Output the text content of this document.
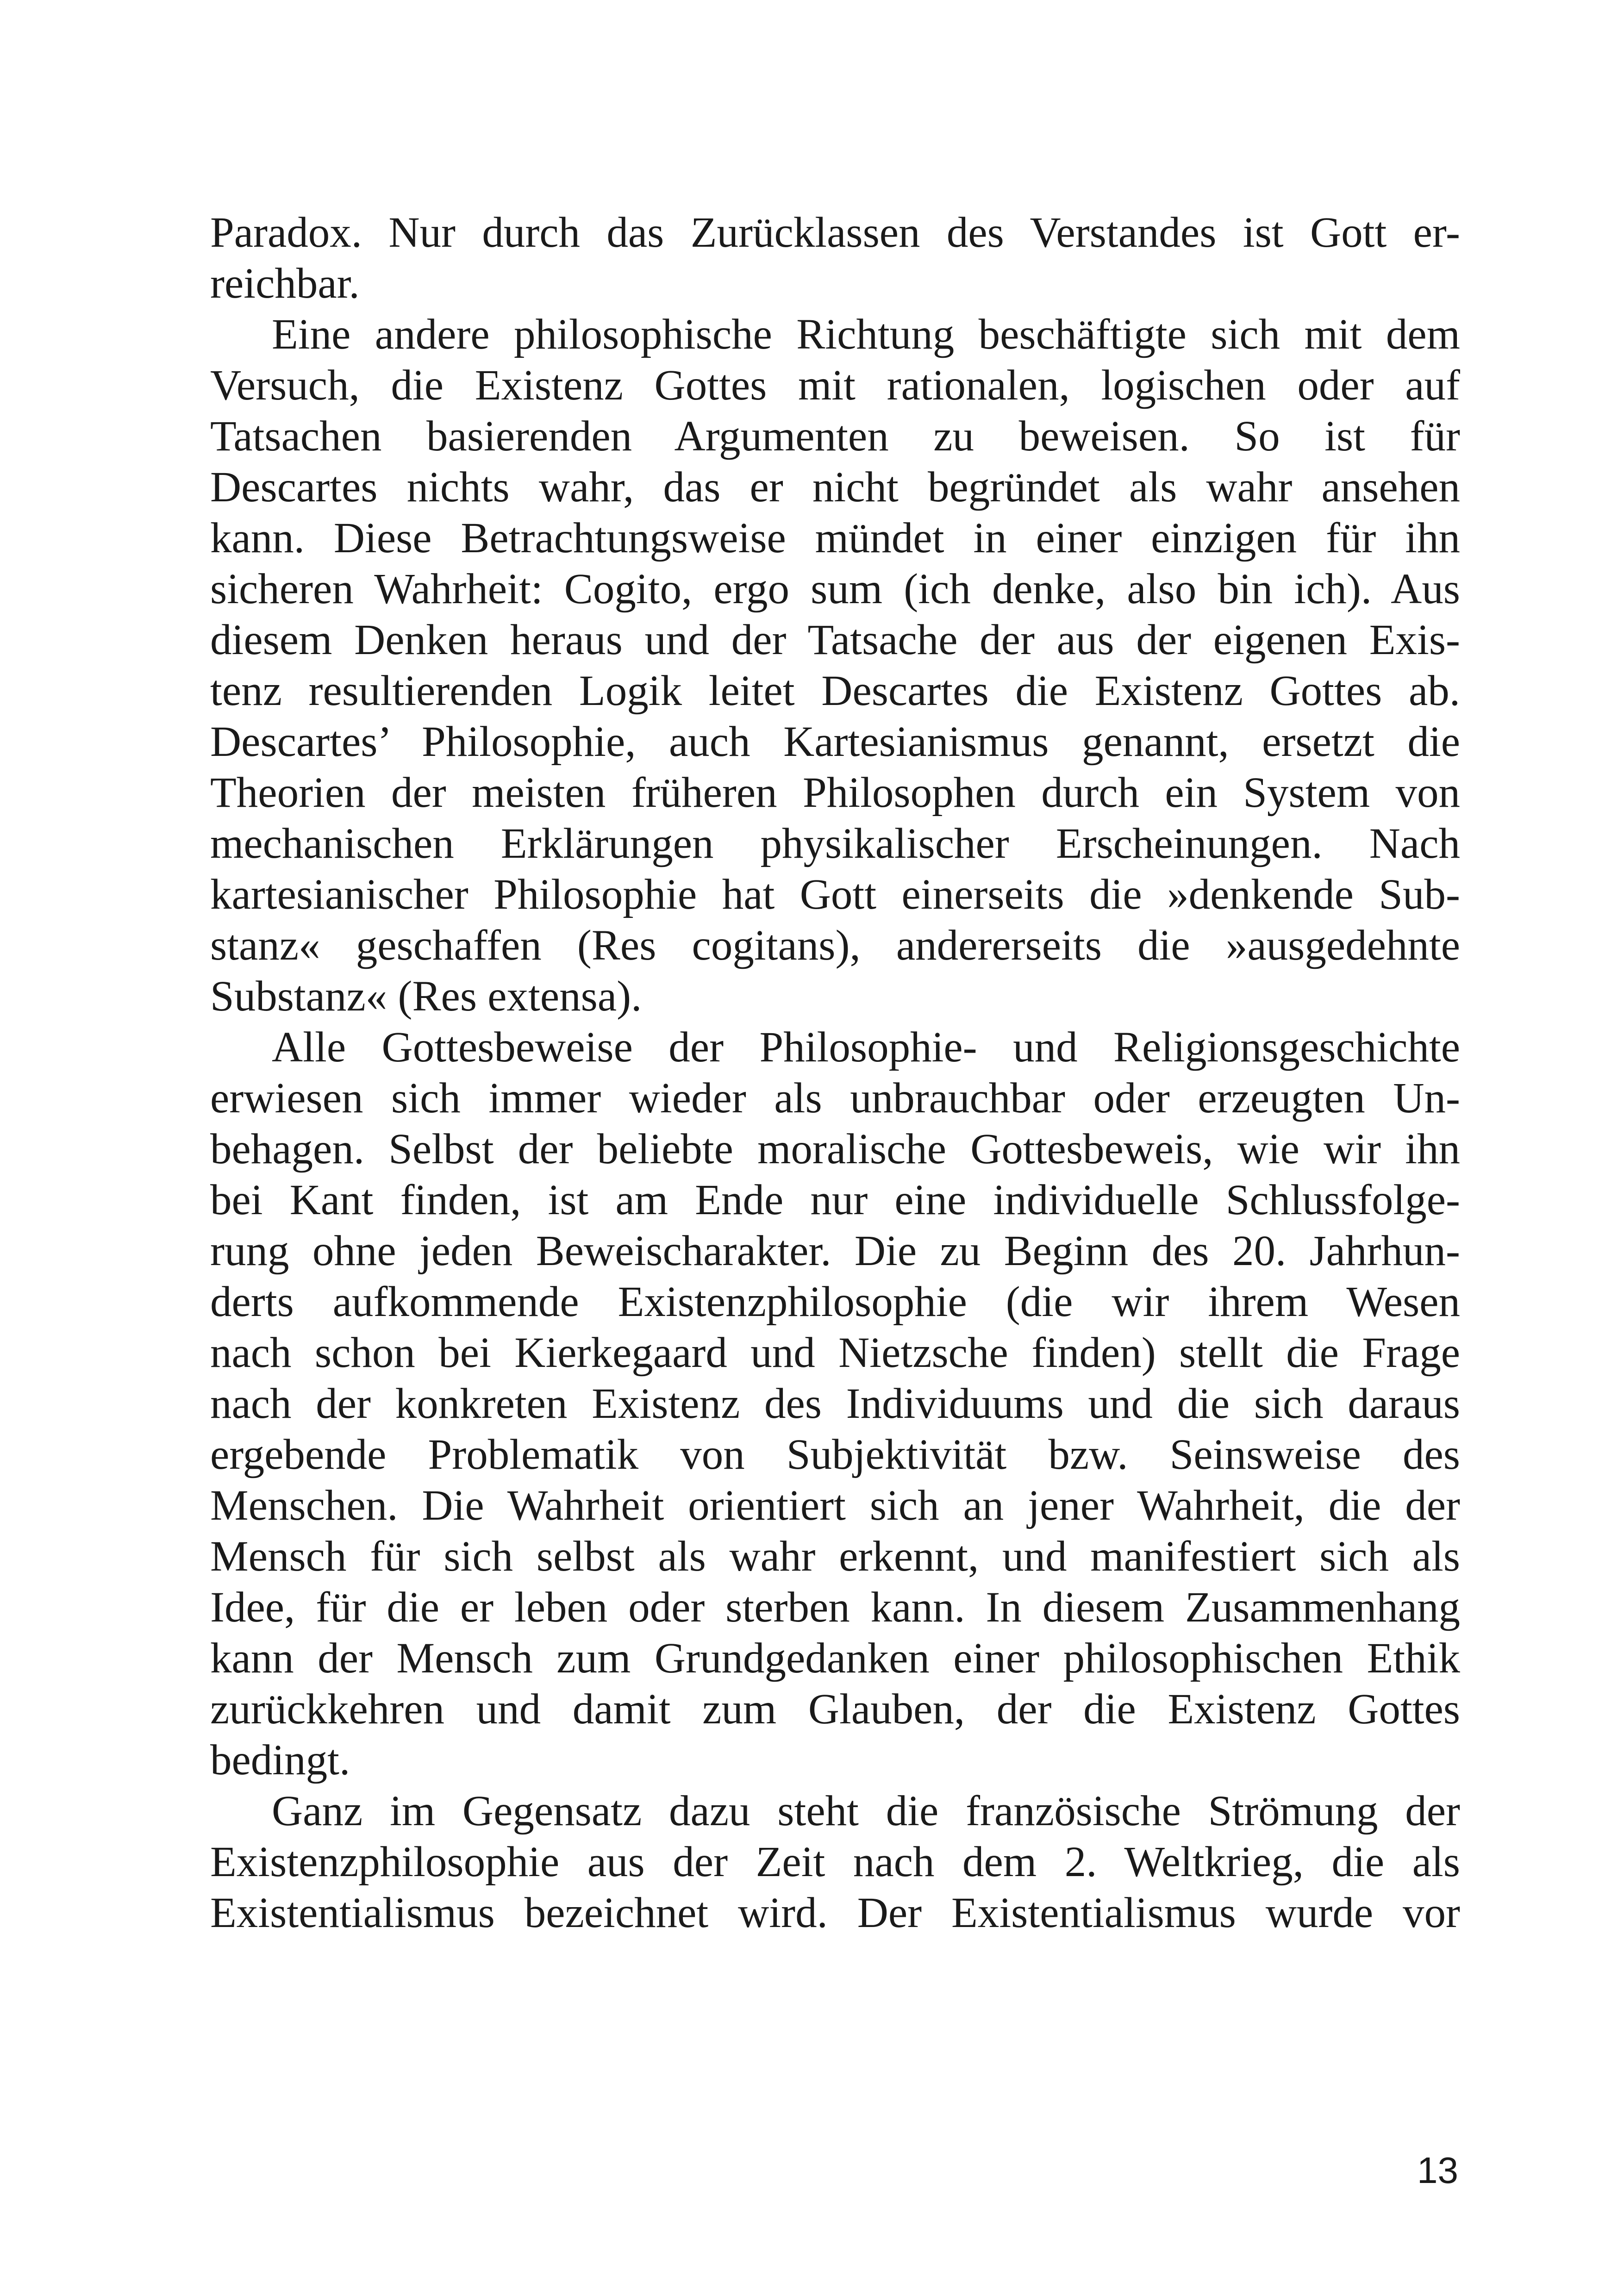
Paradox. Nur durch das Zurücklassen des Verstandes ist Gott er-
reichbar.
Eine andere philosophische Richtung beschäftigte sich mit dem
Versuch, die Existenz Gottes mit rationalen, logischen oder auf
Tatsachen basierenden Argumenten zu beweisen. So ist für
Descartes nichts wahr, das er nicht begründet als wahr ansehen
kann. Diese Betrachtungsweise mündet in einer einzigen für ihn
sicheren Wahrheit: Cogito, ergo sum (ich denke, also bin ich). Aus
diesem Denken heraus und der Tatsache der aus der eigenen Exis-
tenz resultierenden Logik leitet Descartes die Existenz Gottes ab.
Descartes’ Philosophie, auch Kartesianismus genannt, ersetzt die
Theorien der meisten früheren Philosophen durch ein System von
mechanischen Erklärungen physikalischer Erscheinungen. Nach
kartesianischer Philosophie hat Gott einerseits die »denkende Sub-
stanz« geschaffen (Res cogitans), andererseits die »ausgedehnte
Substanz« (Res extensa).
Alle Gottesbeweise der Philosophie- und Religionsgeschichte
erwiesen sich immer wieder als unbrauchbar oder erzeugten Un-
behagen. Selbst der beliebte moralische Gottesbeweis, wie wir ihn
bei Kant finden, ist am Ende nur eine individuelle Schlussfolge-
rung ohne jeden Beweischarakter. Die zu Beginn des 20. Jahrhun-
derts aufkommende Existenzphilosophie (die wir ihrem Wesen
nach schon bei Kierkegaard und Nietzsche finden) stellt die Frage
nach der konkreten Existenz des Individuums und die sich daraus
ergebende Problematik von Subjektivität bzw. Seinsweise des
Menschen. Die Wahrheit orientiert sich an jener Wahrheit, die der
Mensch für sich selbst als wahr erkennt, und manifestiert sich als
Idee, für die er leben oder sterben kann. In diesem Zusammenhang
kann der Mensch zum Grundgedanken einer philosophischen Ethik
zurückkehren und damit zum Glauben, der die Existenz Gottes
bedingt.
Ganz im Gegensatz dazu steht die französische Strömung der
Existenzphilosophie aus der Zeit nach dem 2. Weltkrieg, die als
Existentialismus bezeichnet wird. Der Existentialismus wurde vor
13
